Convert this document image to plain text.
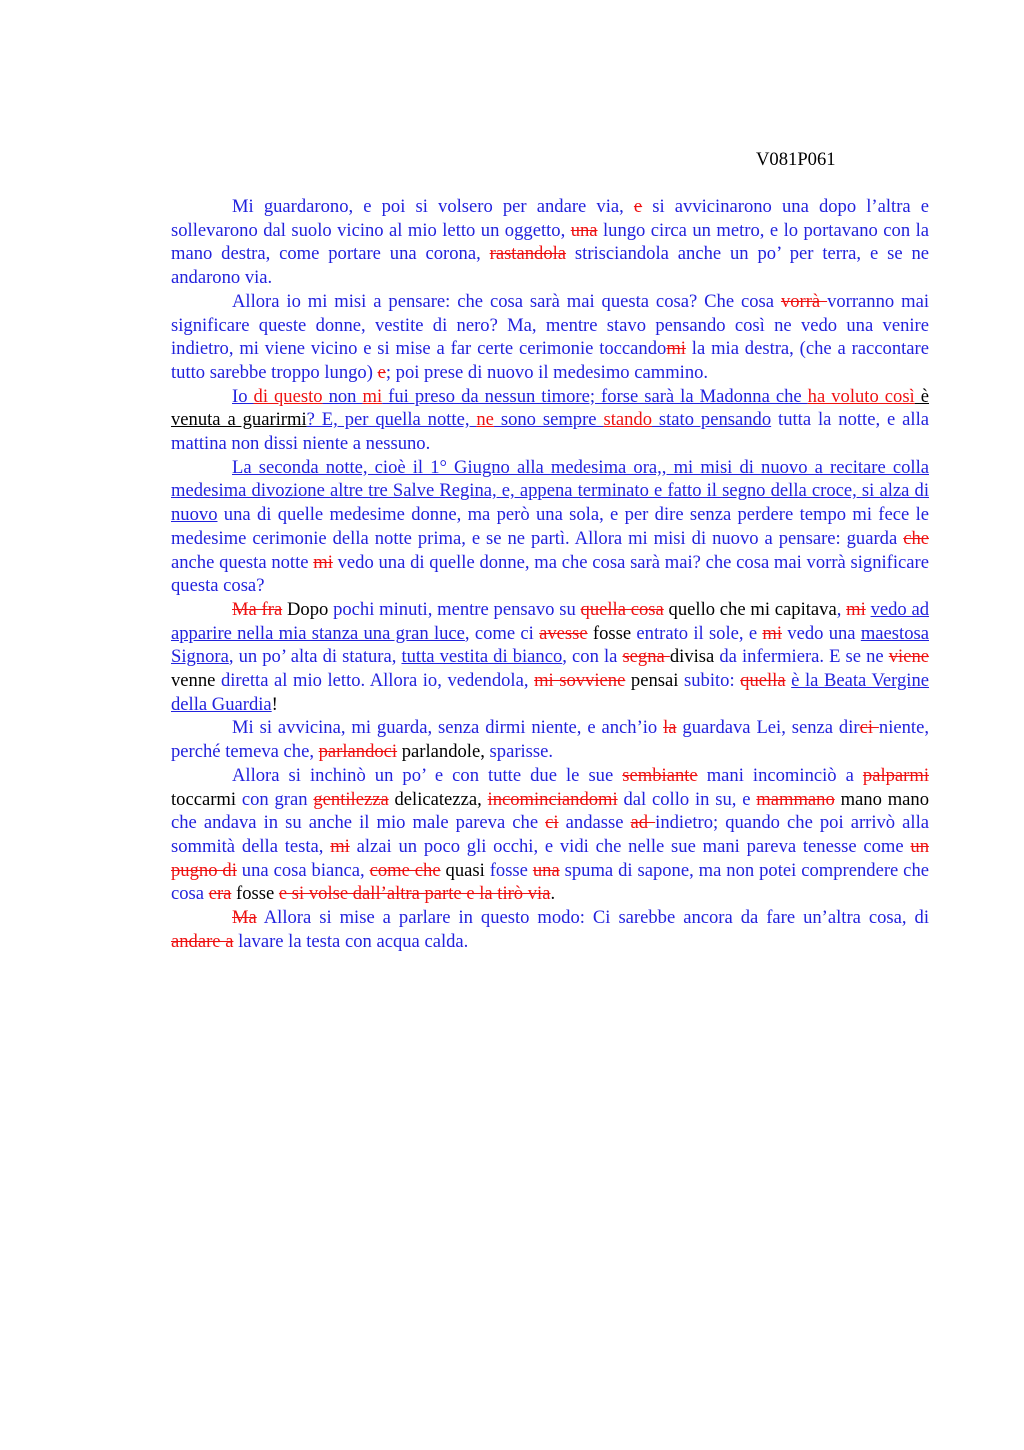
V081P061

Mi guardarono, e poi si volsero per andare via, e si avvicinarono una dopo l’altra e sollevarono dal suolo vicino al mio letto un oggetto, una lungo circa un metro, e lo portavano con la mano destra, come portare una corona, rastandola strisciandola anche un po’ per terra, e se ne andarono via.

Allora io mi misi a pensare: che cosa sarà mai questa cosa? Che cosa vorrà vorranno mai significare queste donne, vestite di nero? Ma, mentre stavo pensando così ne vedo una venire indietro, mi viene vicino e si mise a far certe cerimonie toccandomi la mia destra, (che a raccontare tutto sarebbe troppo lungo) e; poi prese di nuovo il medesimo cammino.

Io di questo non mi fui preso da nessun timore; forse sarà la Madonna che ha voluto così è venuta a guarirmi? E, per quella notte, ne sono sempre stando stato pensando tutta la notte, e alla mattina non dissi niente a nessuno.

La seconda notte, cioè il 1° Giugno alla medesima ora,, mi misi di nuovo a recitare colla medesima divozione altre tre Salve Regina, e, appena terminato e fatto il segno della croce, si alza di nuovo una di quelle medesime donne, ma però una sola, e per dire senza perdere tempo mi fece le medesime cerimonie della notte prima, e se ne partì. Allora mi misi di nuovo a pensare: guarda che anche questa notte mi vedo una di quelle donne, ma che cosa sarà mai? che cosa mai vorrà significare questa cosa?

Ma fra Dopo pochi minuti, mentre pensavo su quella cosa quello che mi capitava, mi vedo ad apparire nella mia stanza una gran luce, come ci avesse fosse entrato il sole, e mi vedo una maestosa Signora, un po’ alta di statura, tutta vestita di bianco, con la segna divisa da infermiera. E se ne viene venne diretta al mio letto. Allora io, vedendola, mi sovviene pensai subito: quella è la Beata Vergine della Guardia!

Mi si avvicina, mi guarda, senza dirmi niente, e anch’io la guardava Lei, senza dirci niente, perché temeva che, parlandoci parlandole, sparisse.

Allora si inchinò un po’ e con tutte due le sue sembiante mani incominciò a palparmi toccarmi con gran gentilezza delicatezza, incominciandomi dal collo in su, e mammano mano mano che andava in su anche il mio male pareva che ci andasse ad indietro; quando che poi arrivò alla sommità della testa, mi alzai un poco gli occhi, e vidi che nelle sue mani pareva tenesse come un pugno di una cosa bianca, come che quasi fosse una spuma di sapone, ma non potei comprendere che cosa era fosse e si volse dall’altra parte e la tirò via.

Ma Allora si mise a parlare in questo modo: Ci sarebbe ancora da fare un’altra cosa, di andare a lavare la testa con acqua calda.
